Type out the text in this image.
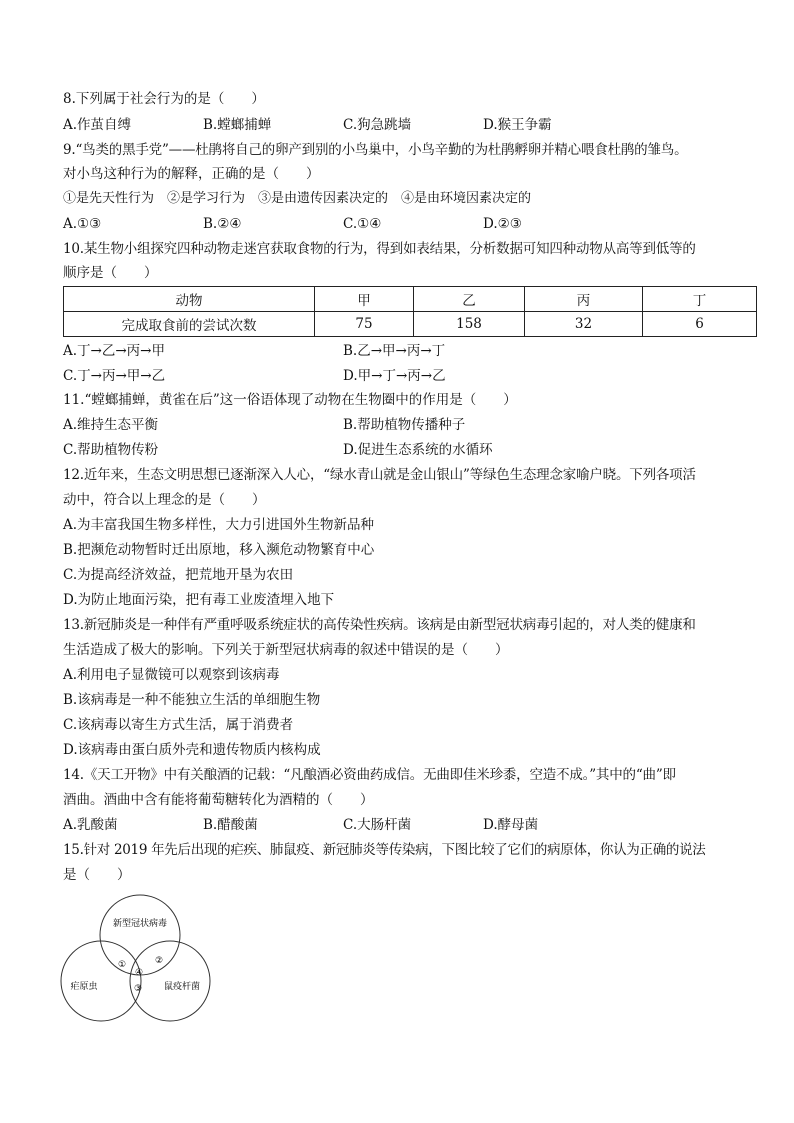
8.下列属于社会行为的是（　　）
A.作茧自缚	B.螳螂捕蝉	C.狗急跳墙	D.猴王争霸
9.“鸟类的黑手党”——杜鹃将自己的卵产到别的小鸟巢中，小鸟辛勤的为杜鹃孵卵并精心喂食杜鹃的雏鸟。
对小鸟这种行为的解释，正确的是（　　）
①是先天性行为　②是学习行为　③是由遗传因素决定的　④是由环境因素决定的
A.①③	B.②④	C.①④	D.②③
10.某生物小组探究四种动物走迷宫获取食物的行为，得到如表结果，分析数据可知四种动物从高等到低等的
顺序是（　　）
动物	甲	乙	丙	丁
完成取食前的尝试次数	75	158	32	6
A.丁→乙→丙→甲	B.乙→甲→丙→丁
C.丁→丙→甲→乙	D.甲→丁→丙→乙
11.“螳螂捕蝉，黄雀在后”这一俗语体现了动物在生物圈中的作用是（　　）
A.维持生态平衡	B.帮助植物传播种子
C.帮助植物传粉	D.促进生态系统的水循环
12.近年来，生态文明思想已逐渐深入人心，“绿水青山就是金山银山”等绿色生态理念家喻户晓。下列各项活
动中，符合以上理念的是（　　）
A.为丰富我国生物多样性，大力引进国外生物新品种
B.把濒危动物暂时迁出原地，移入濒危动物繁育中心
C.为提高经济效益，把荒地开垦为农田
D.为防止地面污染，把有毒工业废渣埋入地下
13.新冠肺炎是一种伴有严重呼吸系统症状的高传染性疾病。该病是由新型冠状病毒引起的，对人类的健康和
生活造成了极大的影响。下列关于新型冠状病毒的叙述中错误的是（　　）
A.利用电子显微镜可以观察到该病毒
B.该病毒是一种不能独立生活的单细胞生物
C.该病毒以寄生方式生活，属于消费者
D.该病毒由蛋白质外壳和遗传物质内核构成
14.《天工开物》中有关酿酒的记载：“凡酿酒必资曲药成信。无曲即佳米珍黍，空造不成。”其中的“曲”即
酒曲。酒曲中含有能将葡萄糖转化为酒精的（　　）
A.乳酸菌	B.醋酸菌	C.大肠杆菌	D.酵母菌
15.针对 2019 年先后出现的疟疾、肺鼠疫、新冠肺炎等传染病，下图比较了它们的病原体，你认为正确的说法
是（　　）
新型冠状病毒
疟原虫	鼠疫杆菌
①	②
③
④
